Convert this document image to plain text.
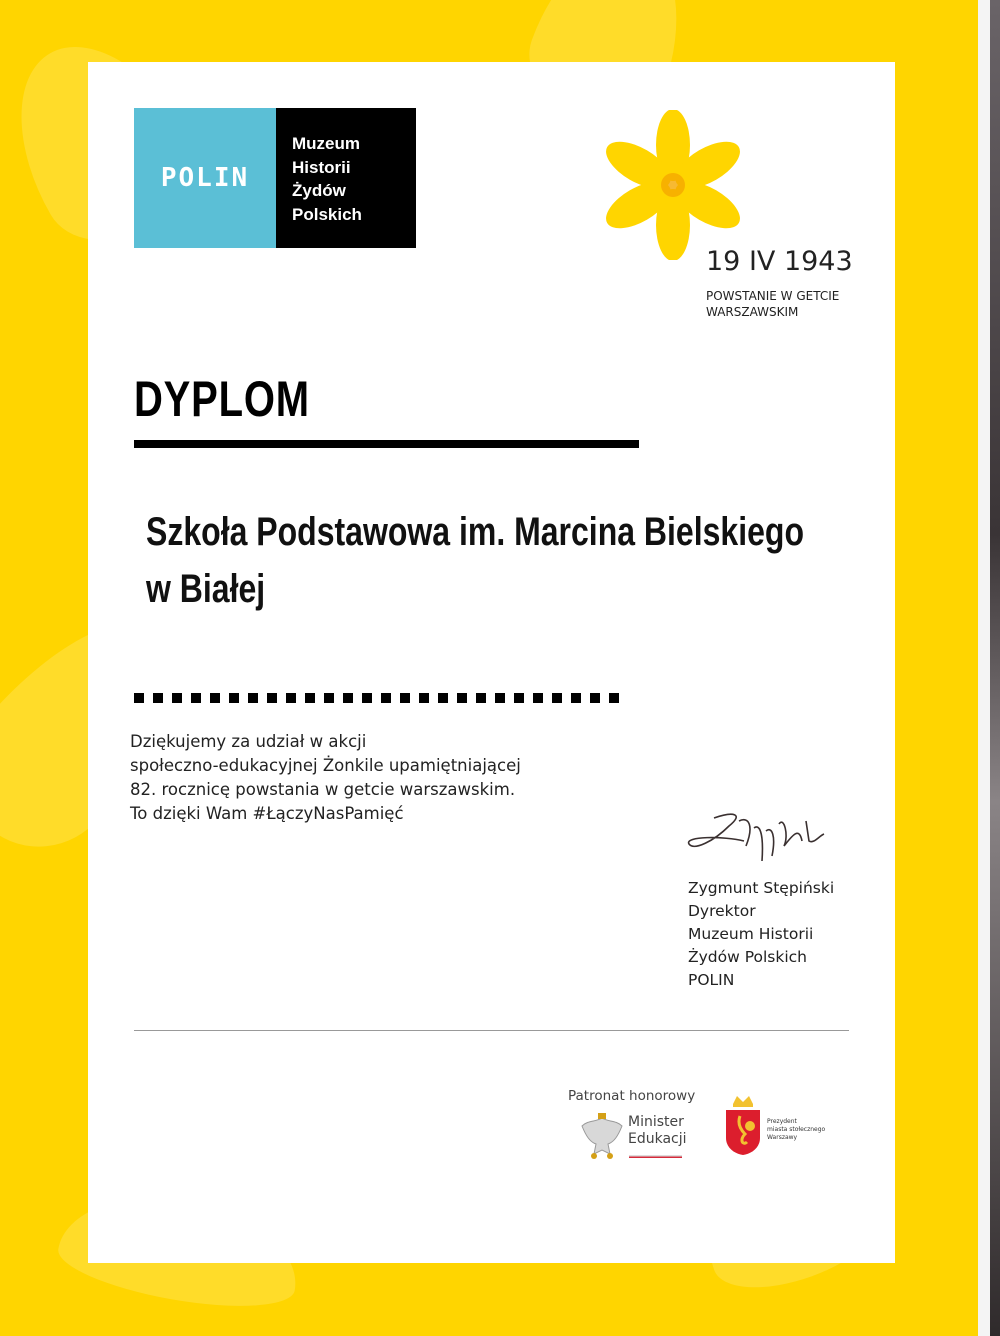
POLIN
Muzeum
Historii
Żydów
Polskich
19 IV 1943
POWSTANIE W GETCIE
WARSZAWSKIM
DYPLOM
Szkoła Podstawowa im. Marcina Bielskiego
w Białej
Dziękujemy za udział w akcji
społeczno-edukacyjnej Żonkile upamiętniającej
82. rocznicę powstania w getcie warszawskim.
To dzięki Wam #ŁączyNasPamięć
Zygmunt Stępiński
Dyrektor
Muzeum Historii
Żydów Polskich
POLIN
Patronat honorowy
Minister
Edukacji
Prezydent
miasta stołecznego
Warszawy
